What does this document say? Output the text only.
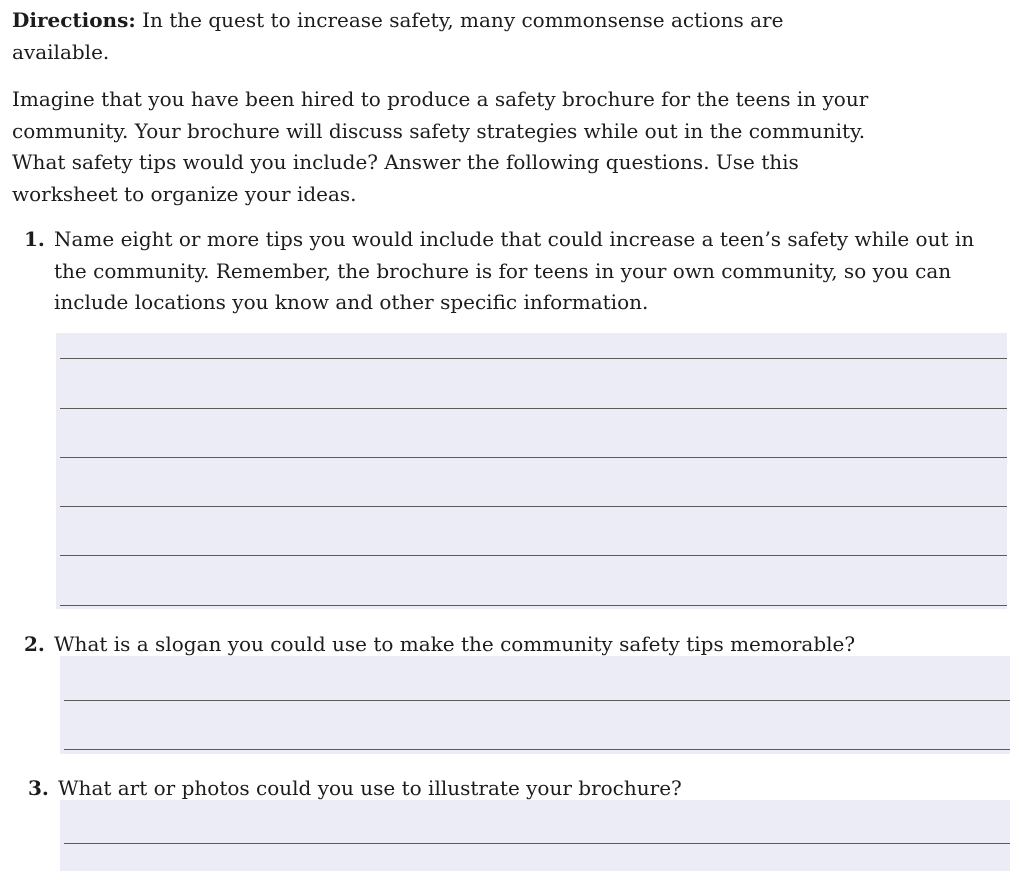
Directions: In the quest to increase safety, many commonsense actions are available.

Imagine that you have been hired to produce a safety brochure for the teens in your community. Your brochure will discuss safety strategies while out in the community. What safety tips would you include? Answer the following questions. Use this worksheet to organize your ideas.

1. Name eight or more tips you would include that could increase a teen’s safety while out in the community. Remember, the brochure is for teens in your own community, so you can include locations you know and other specific information.
2. What is a slogan you could use to make the community safety tips memorable?
3. What art or photos could you use to illustrate your brochure?
